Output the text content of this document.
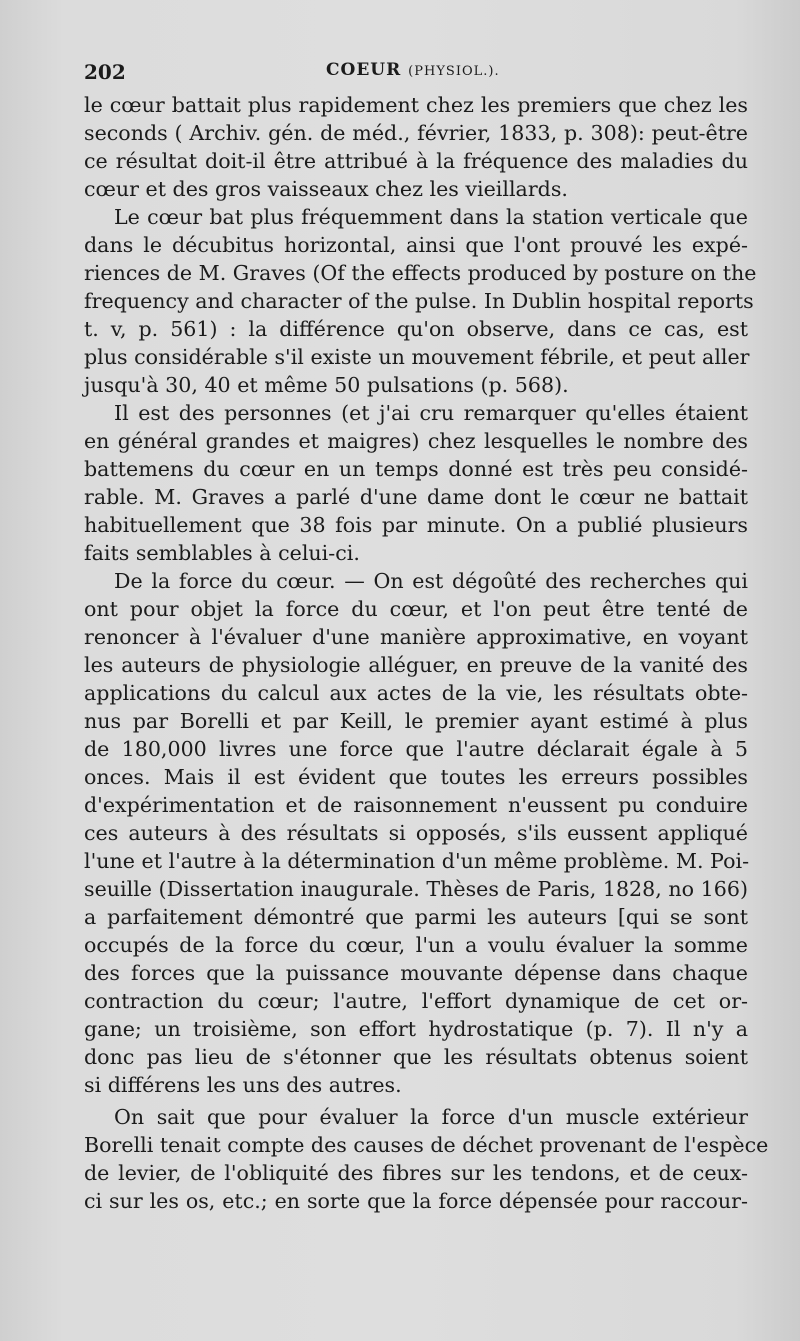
202	COEUR (PHYSIOL.).
le cœur battait plus rapidement chez les premiers que chez les
seconds ( Archiv. gén. de méd., février, 1833, p. 308): peut-être
ce résultat doit-il être attribué à la fréquence des maladies du
cœur et des gros vaisseaux chez les vieillards.
Le cœur bat plus fréquemment dans la station verticale que
dans le décubitus horizontal, ainsi que l'ont prouvé les expé-
riences de M. Graves (Of the effects produced by posture on the
frequency and character of the pulse. In Dublin hospital reports
t. v, p. 561) : la différence qu'on observe, dans ce cas, est
plus considérable s'il existe un mouvement fébrile, et peut aller
jusqu'à 30, 40 et même 50 pulsations (p. 568).
Il est des personnes (et j'ai cru remarquer qu'elles étaient
en général grandes et maigres) chez lesquelles le nombre des
battemens du cœur en un temps donné est très peu considé-
rable. M. Graves a parlé d'une dame dont le cœur ne battait
habituellement que 38 fois par minute. On a publié plusieurs
faits semblables à celui-ci.
De la force du cœur. — On est dégoûté des recherches qui
ont pour objet la force du cœur, et l'on peut être tenté de
renoncer à l'évaluer d'une manière approximative, en voyant
les auteurs de physiologie alléguer, en preuve de la vanité des
applications du calcul aux actes de la vie, les résultats obte-
nus par Borelli et par Keill, le premier ayant estimé à plus
de 180,000 livres une force que l'autre déclarait égale à 5
onces. Mais il est évident que toutes les erreurs possibles
d'expérimentation et de raisonnement n'eussent pu conduire
ces auteurs à des résultats si opposés, s'ils eussent appliqué
l'une et l'autre à la détermination d'un même problème. M. Poi-
seuille (Dissertation inaugurale. Thèses de Paris, 1828, no 166)
a parfaitement démontré que parmi les auteurs [qui se sont
occupés de la force du cœur, l'un a voulu évaluer la somme
des forces que la puissance mouvante dépense dans chaque
contraction du cœur; l'autre, l'effort dynamique de cet or-
gane; un troisième, son effort hydrostatique (p. 7). Il n'y a
donc pas lieu de s'étonner que les résultats obtenus soient
si différens les uns des autres.
On sait que pour évaluer la force d'un muscle extérieur
Borelli tenait compte des causes de déchet provenant de l'espèce
de levier, de l'obliquité des fibres sur les tendons, et de ceux-
ci sur les os, etc.; en sorte que la force dépensée pour raccour-
